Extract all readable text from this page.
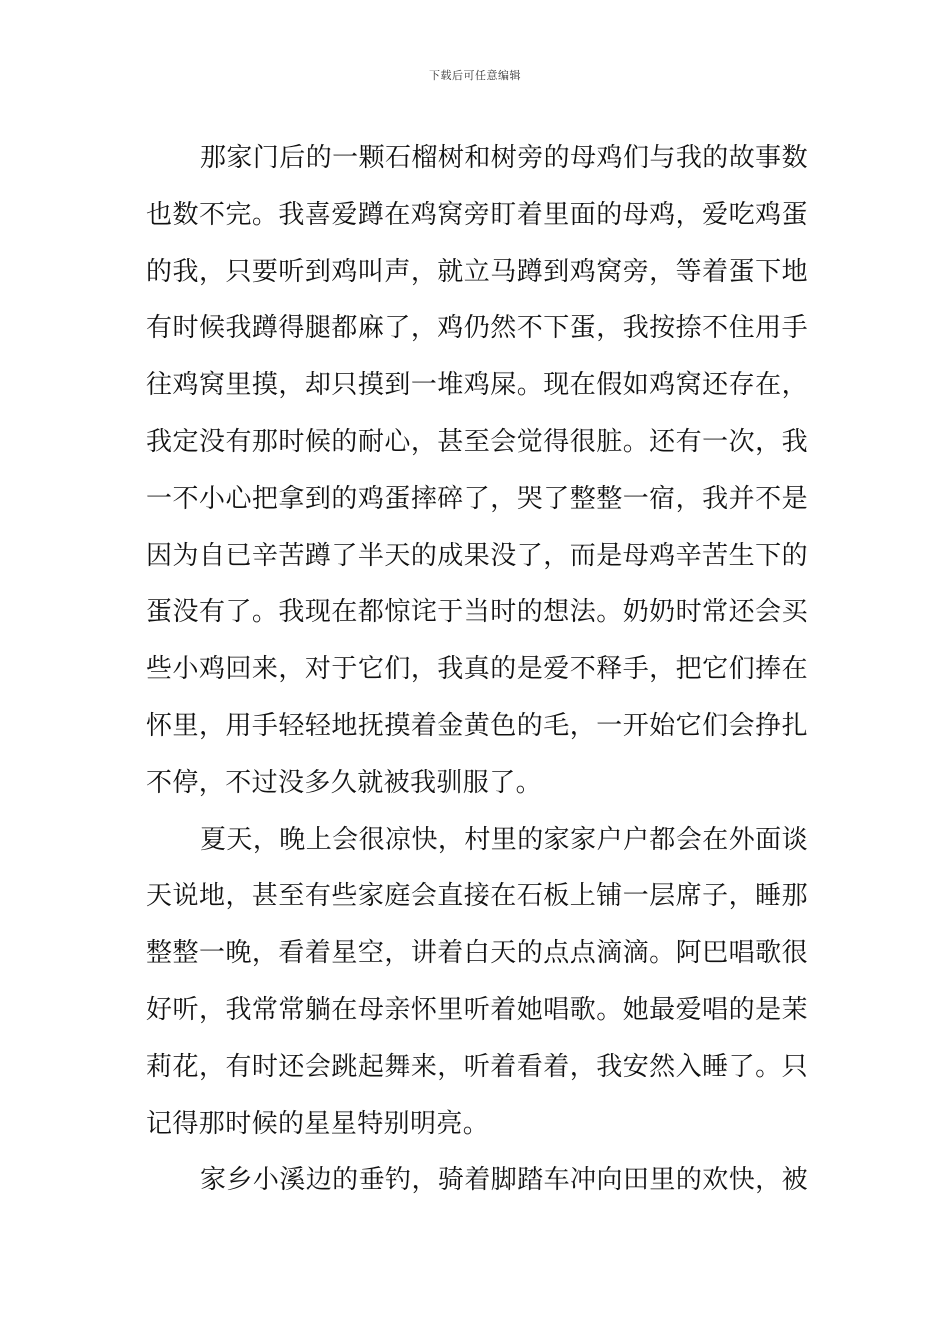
下载后可任意编辑
那家门后的一颗石榴树和树旁的母鸡们与我的故事数
也数不完。我喜爱蹲在鸡窝旁盯着里面的母鸡，爱吃鸡蛋
的我，只要听到鸡叫声，就立马蹲到鸡窝旁，等着蛋下地
有时候我蹲得腿都麻了，鸡仍然不下蛋，我按捺不住用手
往鸡窝里摸，却只摸到一堆鸡屎。现在假如鸡窝还存在，
我定没有那时候的耐心，甚至会觉得很脏。还有一次，我
一不小心把拿到的鸡蛋摔碎了，哭了整整一宿，我并不是
因为自已辛苦蹲了半天的成果没了，而是母鸡辛苦生下的
蛋没有了。我现在都惊诧于当时的想法。奶奶时常还会买
些小鸡回来，对于它们，我真的是爱不释手，把它们捧在
怀里，用手轻轻地抚摸着金黄色的毛，一开始它们会挣扎
不停，不过没多久就被我驯服了。
夏天，晚上会很凉快，村里的家家户户都会在外面谈
天说地，甚至有些家庭会直接在石板上铺一层席子，睡那
整整一晚，看着星空，讲着白天的点点滴滴。阿巴唱歌很
好听，我常常躺在母亲怀里听着她唱歌。她最爱唱的是茉
莉花，有时还会跳起舞来，听着看着，我安然入睡了。只
记得那时候的星星特别明亮。
家乡小溪边的垂钓，骑着脚踏车冲向田里的欢快，被
